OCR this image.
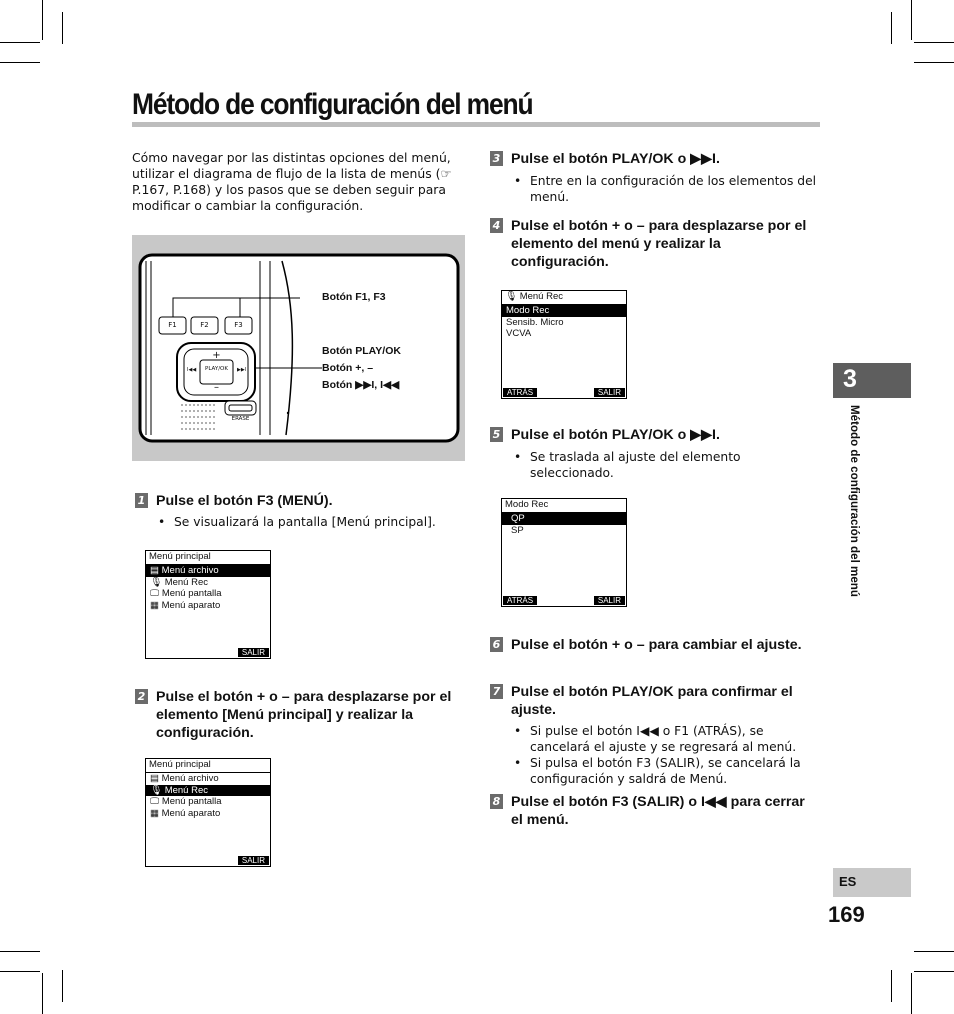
Método de configuración del menú

Cómo navegar por las distintas opciones del menú, utilizar el diagrama de flujo de la lista de menús (☞ P.167, P.168) y los pasos que se deben seguir para modificar o cambiar la configuración.

F1	F2	F3
+
PLAY/OK
–
I◀◀	▶▶I
ERASE
Botón F1, F3
Botón PLAY/OK
Botón +, –
Botón ▶▶I, I◀◀
1 Pulse el botón F3 (MENÚ).
• Se visualizará la pantalla [Menú principal].
Menú principal
▤ Menú archivo
🎙 Menú Rec
🖵 Menú pantalla
▦ Menú aparato
SALIR
2 Pulse el botón + o – para desplazarse por el elemento [Menú principal] y realizar la configuración.
Menú principal
▤ Menú archivo
🎙 Menú Rec
🖵 Menú pantalla
▦ Menú aparato
SALIR
3 Pulse el botón PLAY/OK o ▶▶I.
• Entre en la configuración de los elementos del menú.
4 Pulse el botón + o – para desplazarse por el elemento del menú y realizar la configuración.
🎙 Menú Rec
Modo Rec
Sensib. Micro
VCVA
ATRÁS	SALIR
5 Pulse el botón PLAY/OK o ▶▶I.
• Se traslada al ajuste del elemento seleccionado.
Modo Rec
QP
SP
ATRÁS	SALIR
6 Pulse el botón + o – para cambiar el ajuste.
7 Pulse el botón PLAY/OK para confirmar el ajuste.
• Si pulse el botón I◀◀ o F1 (ATRÁS), se cancelará el ajuste y se regresará al menú.
• Si pulsa el botón F3 (SALIR), se cancelará la configuración y saldrá de Menú.
8 Pulse el botón F3 (SALIR) o I◀◀ para cerrar el menú.
3
Método de configuración del menú
ES
169
